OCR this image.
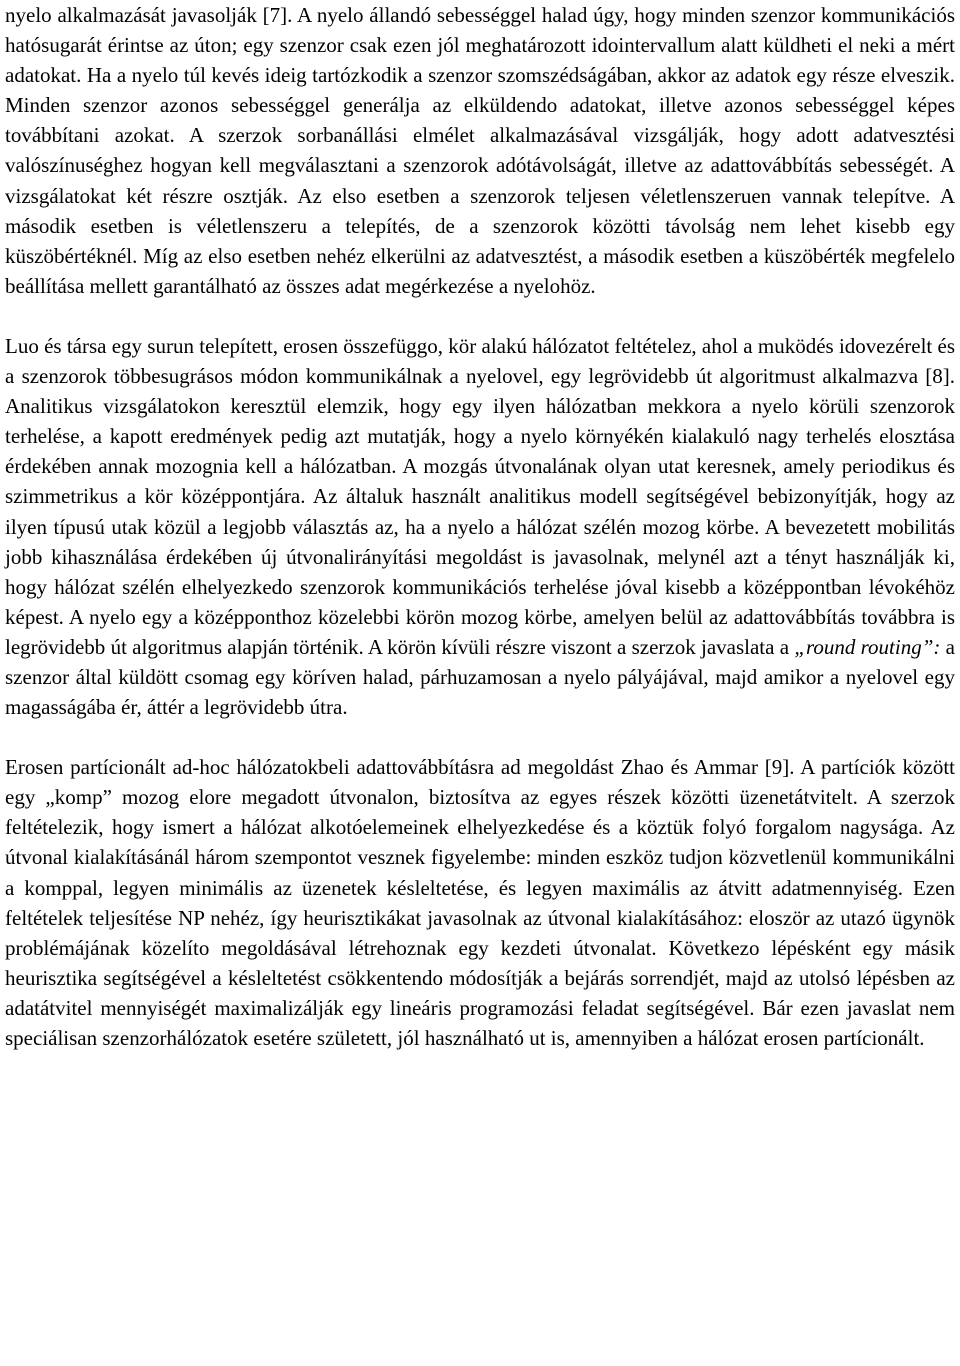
nyelo alkalmazását javasolják [7]. A nyelo állandó sebességgel halad úgy, hogy minden szenzor kommunikációs hatósugarát érintse az úton; egy szenzor csak ezen jól meghatározott idointervallum alatt küldheti el neki a mért adatokat. Ha a nyelo túl kevés ideig tartózkodik a szenzor szomszédságában, akkor az adatok egy része elveszik. Minden szenzor azonos sebességgel generálja az elküldendo adatokat, illetve azonos sebességgel képes továbbítani azokat. A szerzok sorbanállási elmélet alkalmazásával vizsgálják, hogy adott adatvesztési valószínuséghez hogyan kell megválasztani a szenzorok adótávolságát, illetve az adattovábbítás sebességét. A vizsgálatokat két részre osztják. Az elso esetben a szenzorok teljesen véletlenszeruen vannak telepítve. A második esetben is véletlenszeru a telepítés, de a szenzorok közötti távolság nem lehet kisebb egy küszöbértéknél. Míg az elso esetben nehéz elkerülni az adatvesztést, a második esetben a küszöbérték megfelelo beállítása mellett garantálható az összes adat megérkezése a nyelohöz.

Luo és társa egy surun telepített, erosen összefüggo, kör alakú hálózatot feltételez, ahol a muködés idovezérelt és a szenzorok többesugrásos módon kommunikálnak a nyelovel, egy legrövidebb út algoritmust alkalmazva [8]. Analitikus vizsgálatokon keresztül elemzik, hogy egy ilyen hálózatban mekkora a nyelo körüli szenzorok terhelése, a kapott eredmények pedig azt mutatják, hogy a nyelo környékén kialakuló nagy terhelés elosztása érdekében annak mozognia kell a hálózatban. A mozgás útvonalának olyan utat keresnek, amely periodikus és szimmetrikus a kör középpontjára. Az általuk használt analitikus modell segítségével bebizonyítják, hogy az ilyen típusú utak közül a legjobb választás az, ha a nyelo a hálózat szélén mozog körbe. A bevezetett mobilitás jobb kihasználása érdekében új útvonalirányítási megoldást is javasolnak, melynél azt a tényt használják ki, hogy hálózat szélén elhelyezkedo szenzorok kommunikációs terhelése jóval kisebb a középpontban lévokéhöz képest. A nyelo egy a középponthoz közelebbi körön mozog körbe, amelyen belül az adattovábbítás továbbra is legrövidebb út algoritmus alapján történik. A körön kívüli részre viszont a szerzok javaslata a „round routing”: a szenzor által küldött csomag egy köríven halad, párhuzamosan a nyelo pályájával, majd amikor a nyelovel egy magasságába ér, áttér a legrövidebb útra.

Erosen partícionált ad-hoc hálózatokbeli adattovábbításra ad megoldást Zhao és Ammar [9]. A partíciók között egy „komp” mozog elore megadott útvonalon, biztosítva az egyes részek közötti üzenetátvitelt. A szerzok feltételezik, hogy ismert a hálózat alkotóelemeinek elhelyezkedése és a köztük folyó forgalom nagysága. Az útvonal kialakításánál három szempontot vesznek figyelembe: minden eszköz tudjon közvetlenül kommunikálni a komppal, legyen minimális az üzenetek késleltetése, és legyen maximális az átvitt adatmennyiség. Ezen feltételek teljesítése NP nehéz, így heurisztikákat javasolnak az útvonal kialakításához: eloször az utazó ügynök problémájának közelíto megoldásával létrehoznak egy kezdeti útvonalat. Következo lépésként egy másik heurisztika segítségével a késleltetést csökkentendo módosítják a bejárás sorrendjét, majd az utolsó lépésben az adatátvitel mennyiségét maximalizálják egy lineáris programozási feladat segítségével. Bár ezen javaslat nem speciálisan szenzorhálózatok esetére született, jól használható ut is, amennyiben a hálózat erosen partícionált.
